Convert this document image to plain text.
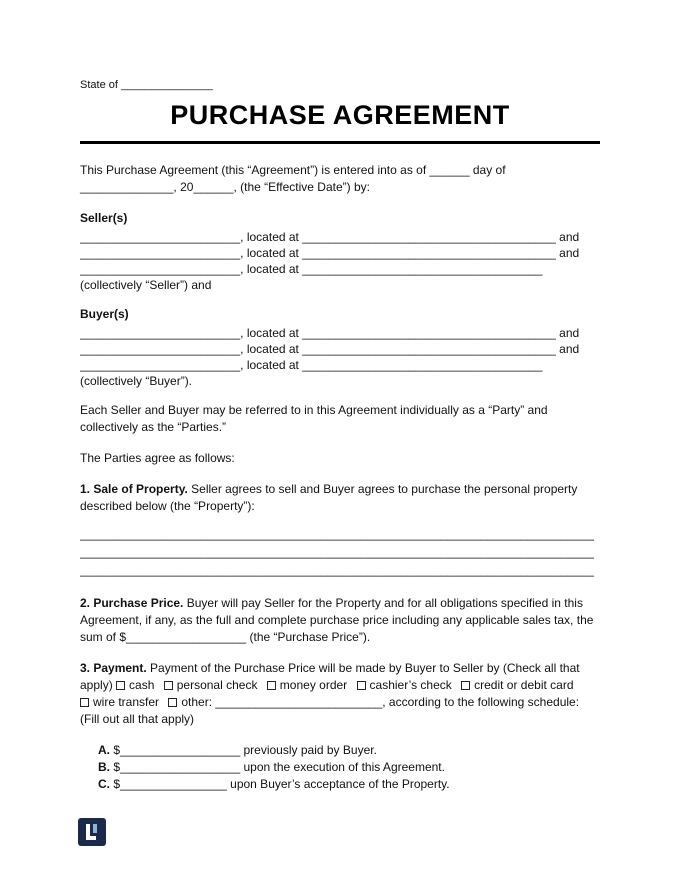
State of _______________
PURCHASE AGREEMENT

This Purchase Agreement (this “Agreement”) is entered into as of ______ day of ______________, 20______, (the “Effective Date”) by:

Seller(s)
________________________, located at ______________________________________ and
________________________, located at ______________________________________ and
________________________, located at ____________________________________
(collectively “Seller”) and
Buyer(s)
________________________, located at ______________________________________ and
________________________, located at ______________________________________ and
________________________, located at ____________________________________
(collectively “Buyer”).

Each Seller and Buyer may be referred to in this Agreement individually as a “Party” and collectively as the “Parties.”

The Parties agree as follows:

1. Sale of Property. Seller agrees to sell and Buyer agrees to purchase the personal property described below (the “Property”):

_____________________________________________________________________________
_____________________________________________________________________________
_____________________________________________________________________________

2. Purchase Price. Buyer will pay Seller for the Property and for all obligations specified in this Agreement, if any, as the full and complete purchase price including any applicable sales tax, the sum of $__________________ (the “Purchase Price”).

3. Payment. Payment of the Purchase Price will be made by Buyer to Seller by (Check all that apply) cash personal check money order cashier’s check credit or debit card wire transfer other: _________________________, according to the following schedule: (Fill out all that apply)

A. $__________________ previously paid by Buyer.
B. $__________________ upon the execution of this Agreement.
C. $________________ upon Buyer’s acceptance of the Property.
